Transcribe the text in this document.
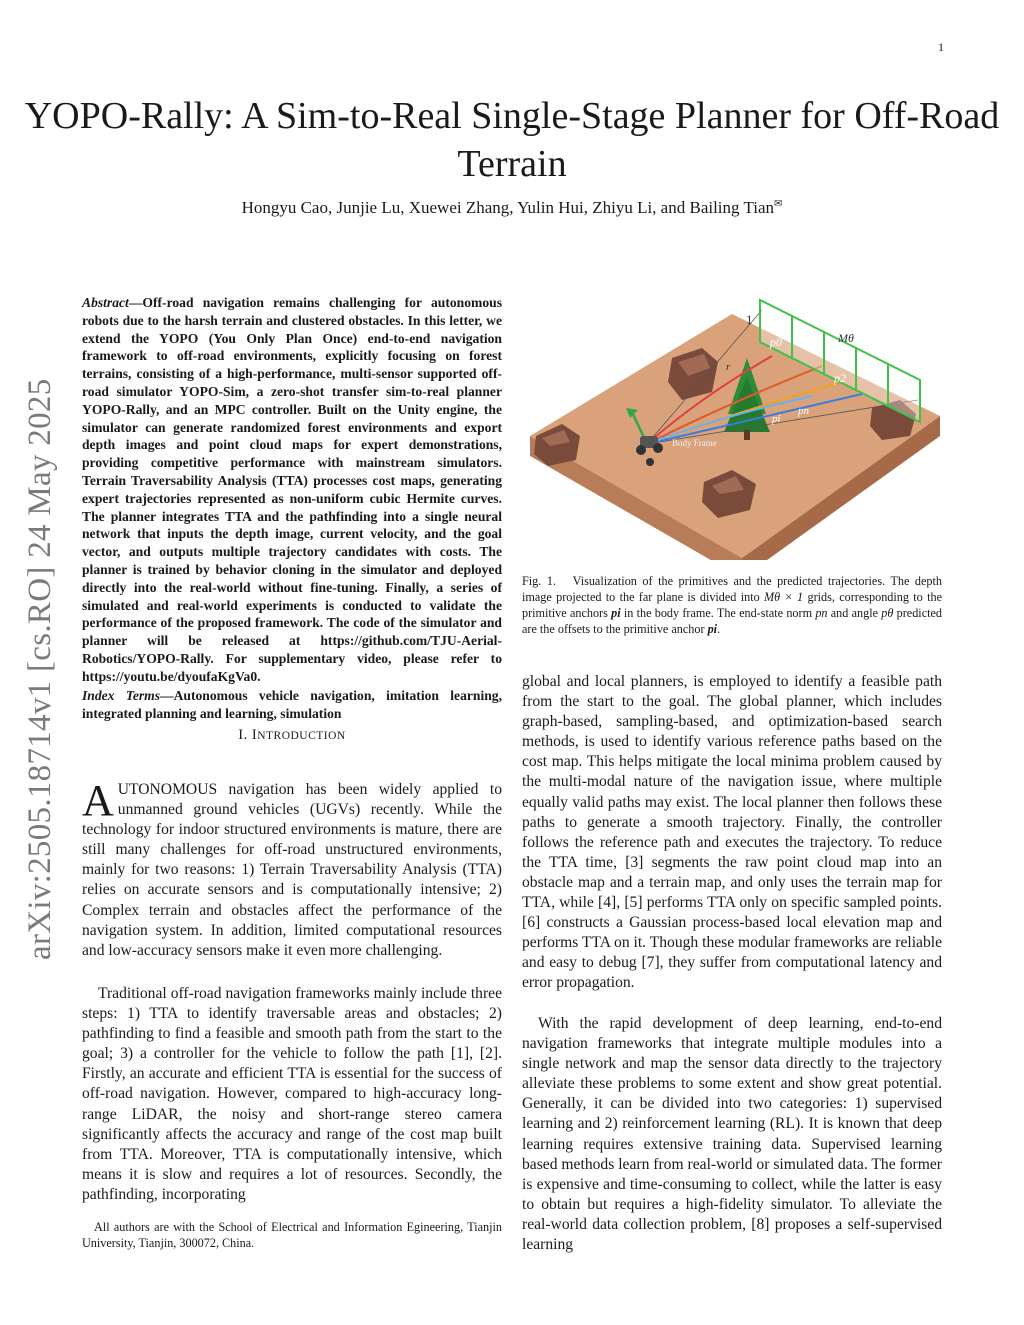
1
YOPO-Rally: A Sim-to-Real Single-Stage Planner for Off-Road Terrain
Hongyu Cao, Junjie Lu, Xuewei Zhang, Yulin Hui, Zhiyu Li, and Bailing Tian✉
arXiv:2505.18714v1 [cs.RO] 24 May 2025
Abstract—Off-road navigation remains challenging for autonomous robots due to the harsh terrain and clustered obstacles. In this letter, we extend the YOPO (You Only Plan Once) end-to-end navigation framework to off-road environments, explicitly focusing on forest terrains, consisting of a high-performance, multi-sensor supported off-road simulator YOPO-Sim, a zero-shot transfer sim-to-real planner YOPO-Rally, and an MPC controller. Built on the Unity engine, the simulator can generate randomized forest environments and export depth images and point cloud maps for expert demonstrations, providing competitive performance with mainstream simulators. Terrain Traversability Analysis (TTA) processes cost maps, generating expert trajectories represented as non-uniform cubic Hermite curves. The planner integrates TTA and the pathfinding into a single neural network that inputs the depth image, current velocity, and the goal vector, and outputs multiple trajectory candidates with costs. The planner is trained by behavior cloning in the simulator and deployed directly into the real-world without fine-tuning. Finally, a series of simulated and real-world experiments is conducted to validate the performance of the proposed framework. The code of the simulator and planner will be released at https://github.com/TJU-Aerial-Robotics/YOPO-Rally. For supplementary video, please refer to https://youtu.be/dyoufaKgVa0.
Index Terms—Autonomous vehicle navigation, imitation learning, integrated planning and learning, simulation
I. INTRODUCTION
AUTONOMOUS navigation has been widely applied to unmanned ground vehicles (UGVs) recently. While the technology for indoor structured environments is mature, there are still many challenges for off-road unstructured environments, mainly for two reasons: 1) Terrain Traversability Analysis (TTA) relies on accurate sensors and is computationally intensive; 2) Complex terrain and obstacles affect the performance of the navigation system. In addition, limited computational resources and low-accuracy sensors make it even more challenging.
Traditional off-road navigation frameworks mainly include three steps: 1) TTA to identify traversable areas and obstacles; 2) pathfinding to find a feasible and smooth path from the start to the goal; 3) a controller for the vehicle to follow the path [1], [2]. Firstly, an accurate and efficient TTA is essential for the success of off-road navigation. However, compared to high-accuracy long-range LiDAR, the noisy and short-range stereo camera significantly affects the accuracy and range of the cost map built from TTA. Moreover, TTA is computationally intensive, which means it is slow and requires a lot of resources. Secondly, the pathfinding, incorporating
All authors are with the School of Electrical and Information Egineering, Tianjin University, Tianjin, 300072, China.
1
Mθ
p0
p2
pi
pn
r
Body Frame
Fig. 1. Visualization of the primitives and the predicted trajectories. The depth image projected to the far plane is divided into Mθ × 1 grids, corresponding to the primitive anchors pi in the body frame. The end-state norm pn and angle pθ predicted are the offsets to the primitive anchor pi.
global and local planners, is employed to identify a feasible path from the start to the goal. The global planner, which includes graph-based, sampling-based, and optimization-based search methods, is used to identify various reference paths based on the cost map. This helps mitigate the local minima problem caused by the multi-modal nature of the navigation issue, where multiple equally valid paths may exist. The local planner then follows these paths to generate a smooth trajectory. Finally, the controller follows the reference path and executes the trajectory. To reduce the TTA time, [3] segments the raw point cloud map into an obstacle map and a terrain map, and only uses the terrain map for TTA, while [4], [5] performs TTA only on specific sampled points. [6] constructs a Gaussian process-based local elevation map and performs TTA on it. Though these modular frameworks are reliable and easy to debug [7], they suffer from computational latency and error propagation.
With the rapid development of deep learning, end-to-end navigation frameworks that integrate multiple modules into a single network and map the sensor data directly to the trajectory alleviate these problems to some extent and show great potential. Generally, it can be divided into two categories: 1) supervised learning and 2) reinforcement learning (RL). It is known that deep learning requires extensive training data. Supervised learning based methods learn from real-world or simulated data. The former is expensive and time-consuming to collect, while the latter is easy to obtain but requires a high-fidelity simulator. To alleviate the real-world data collection problem, [8] proposes a self-supervised learning
